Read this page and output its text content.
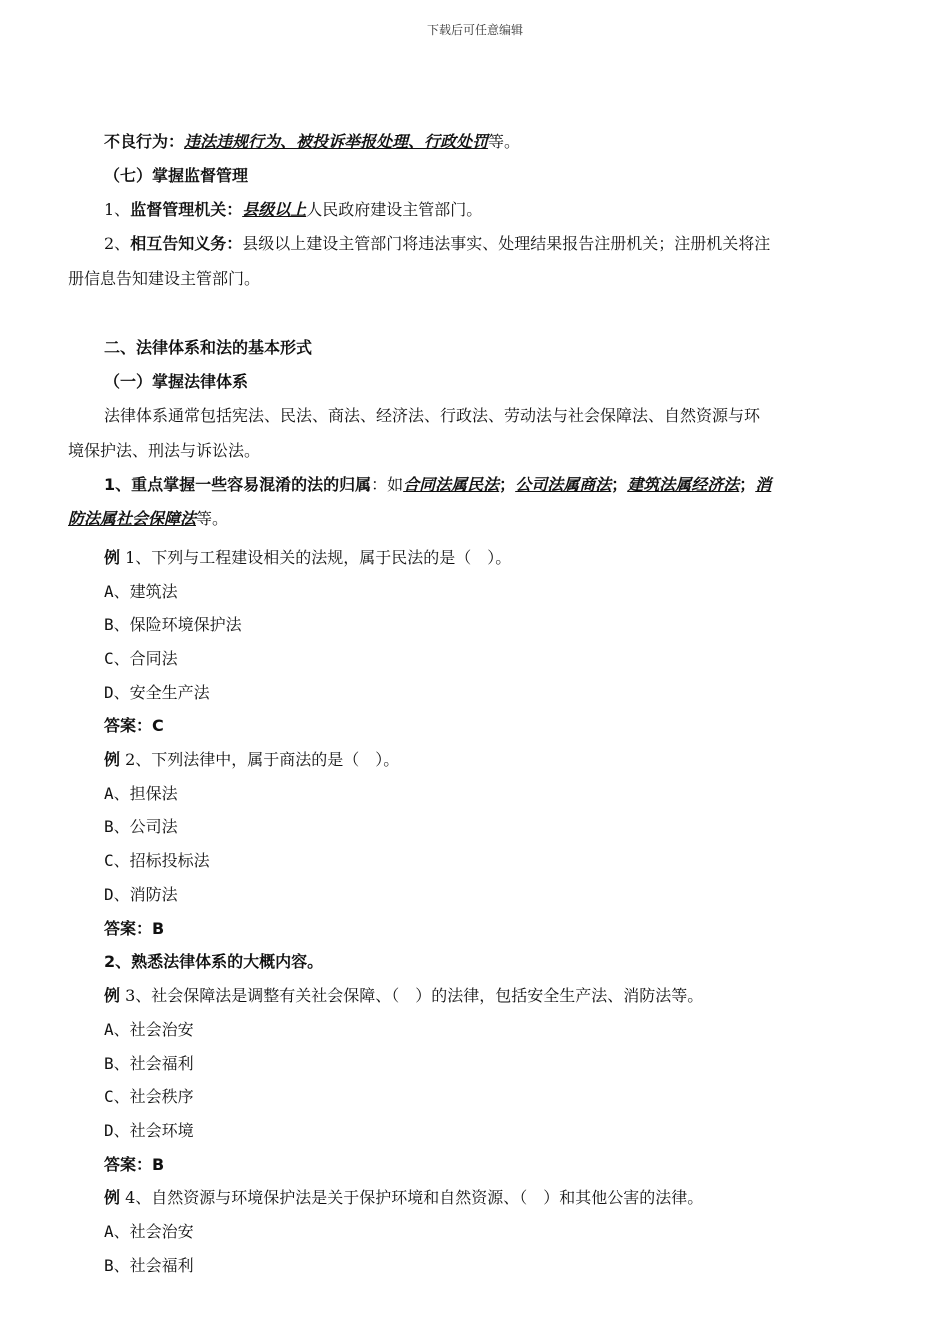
下载后可任意编辑
不良行为：违法违规行为、被投诉举报处理、行政处罚等。
（七）掌握监督管理
1、监督管理机关：县级以上人民政府建设主管部门。
2、相互告知义务：县级以上建设主管部门将违法事实、处理结果报告注册机关；注册机关将注
册信息告知建设主管部门。
二、法律体系和法的基本形式
（一）掌握法律体系
法律体系通常包括宪法、民法、商法、经济法、行政法、劳动法与社会保障法、自然资源与环
境保护法、刑法与诉讼法。
1、重点掌握一些容易混淆的法的归属：如合同法属民法；公司法属商法；建筑法属经济法；消
防法属社会保障法等。
例 1、下列与工程建设相关的法规，属于民法的是（　）。
A、建筑法
B、保险环境保护法
C、合同法
D、安全生产法
答案：C
例 2、下列法律中，属于商法的是（　）。
A、担保法
B、公司法
C、招标投标法
D、消防法
答案：B
2、熟悉法律体系的大概内容。
例 3、社会保障法是调整有关社会保障、（　）的法律，包括安全生产法、消防法等。
A、社会治安
B、社会福利
C、社会秩序
D、社会环境
答案：B
例 4、自然资源与环境保护法是关于保护环境和自然资源、（　）和其他公害的法律。
A、社会治安
B、社会福利
